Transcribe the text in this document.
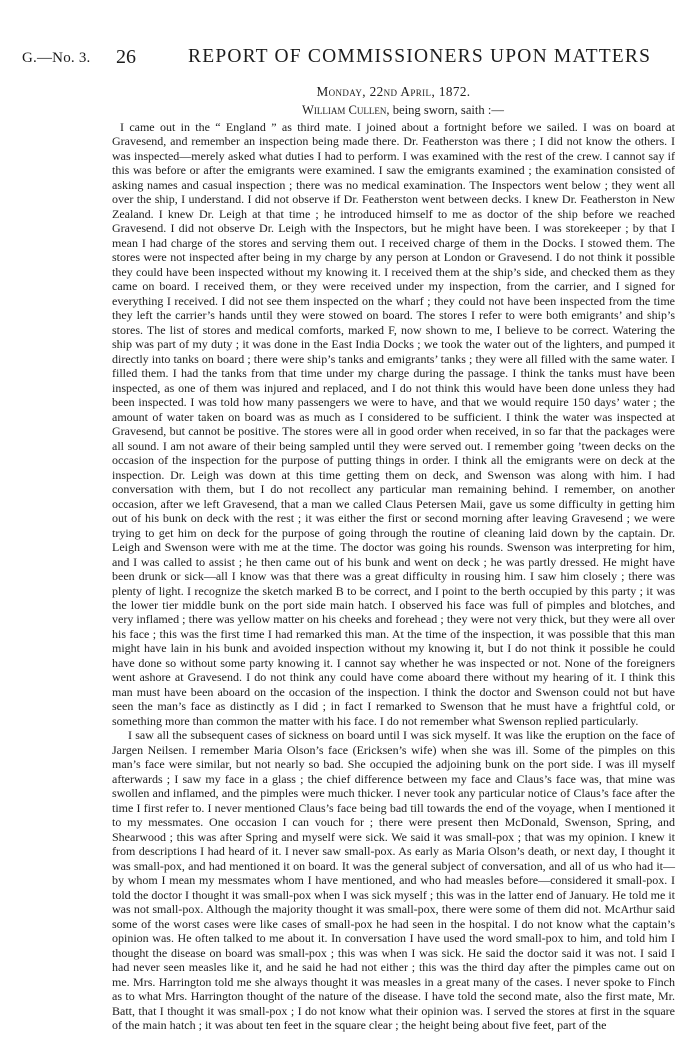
G.—No. 3. 26	REPORT OF COMMISSIONERS UPON MATTERS
Monday, 22nd April, 1872.
William Cullen, being sworn, saith :—

I came out in the “ England ” as third mate. I joined about a fortnight before we sailed. I was on board at Gravesend, and remember an inspection being made there. Dr. Featherston was there ; I did not know the others. I was inspected—merely asked what duties I had to perform. I was examined with the rest of the crew. I cannot say if this was before or after the emigrants were examined. I saw the emigrants examined ; the examination consisted of asking names and casual inspection ; there was no medical examination. The Inspectors went below ; they went all over the ship, I understand. I did not observe if Dr. Featherston went between decks. I knew Dr. Featherston in New Zealand. I knew Dr. Leigh at that time ; he introduced himself to me as doctor of the ship before we reached Gravesend. I did not observe Dr. Leigh with the Inspectors, but he might have been. I was storekeeper ; by that I mean I had charge of the stores and serving them out. I received charge of them in the Docks. I stowed them. The stores were not inspected after being in my charge by any person at London or Gravesend. I do not think it possible they could have been inspected without my knowing it. I received them at the ship’s side, and checked them as they came on board. I received them, or they were received under my inspection, from the carrier, and I signed for everything I received. I did not see them inspected on the wharf ; they could not have been inspected from the time they left the carrier’s hands until they were stowed on board. The stores I refer to were both emigrants’ and ship’s stores. The list of stores and medical comforts, marked F, now shown to me, I believe to be correct. Watering the ship was part of my duty ; it was done in the East India Docks ; we took the water out of the lighters, and pumped it directly into tanks on board ; there were ship’s tanks and emigrants’ tanks ; they were all filled with the same water. I filled them. I had the tanks from that time under my charge during the passage. I think the tanks must have been inspected, as one of them was injured and replaced, and I do not think this would have been done unless they had been inspected. I was told how many passengers we were to have, and that we would require 150 days’ water ; the amount of water taken on board was as much as I considered to be sufficient. I think the water was inspected at Gravesend, but cannot be positive. The stores were all in good order when received, in so far that the packages were all sound. I am not aware of their being sampled until they were served out. I remember going ’tween decks on the occasion of the inspection for the purpose of putting things in order. I think all the emigrants were on deck at the inspection. Dr. Leigh was down at this time getting them on deck, and Swenson was along with him. I had conversation with them, but I do not recollect any particular man remaining behind. I remember, on another occasion, after we left Gravesend, that a man we called Claus Petersen Maii, gave us some difficulty in getting him out of his bunk on deck with the rest ; it was either the first or second morning after leaving Gravesend ; we were trying to get him on deck for the purpose of going through the routine of cleaning laid down by the captain. Dr. Leigh and Swenson were with me at the time. The doctor was going his rounds. Swenson was interpreting for him, and I was called to assist ; he then came out of his bunk and went on deck ; he was partly dressed. He might have been drunk or sick—all I know was that there was a great difficulty in rousing him. I saw him closely ; there was plenty of light. I recognize the sketch marked B to be correct, and I point to the berth occupied by this party ; it was the lower tier middle bunk on the port side main hatch. I observed his face was full of pimples and blotches, and very inflamed ; there was yellow matter on his cheeks and forehead ; they were not very thick, but they were all over his face ; this was the first time I had remarked this man. At the time of the inspection, it was possible that this man might have lain in his bunk and avoided inspection without my knowing it, but I do not think it possible he could have done so without some party knowing it. I cannot say whether he was inspected or not. None of the foreigners went ashore at Gravesend. I do not think any could have come aboard there without my hearing of it. I think this man must have been aboard on the occasion of the inspection. I think the doctor and Swenson could not but have seen the man’s face as distinctly as I did ; in fact I remarked to Swenson that he must have a frightful cold, or something more than common the matter with his face. I do not remember what Swenson replied particularly.

I saw all the subsequent cases of sickness on board until I was sick myself. It was like the eruption on the face of Jargen Neilsen. I remember Maria Olson’s face (Ericksen’s wife) when she was ill. Some of the pimples on this man’s face were similar, but not nearly so bad. She occupied the adjoining bunk on the port side. I was ill myself afterwards ; I saw my face in a glass ; the chief difference between my face and Claus’s face was, that mine was swollen and inflamed, and the pimples were much thicker. I never took any particular notice of Claus’s face after the time I first refer to. I never mentioned Claus’s face being bad till towards the end of the voyage, when I mentioned it to my messmates. One occasion I can vouch for ; there were present then McDonald, Swenson, Spring, and Shearwood ; this was after Spring and myself were sick. We said it was small-pox ; that was my opinion. I knew it from descriptions I had heard of it. I never saw small-pox. As early as Maria Olson’s death, or next day, I thought it was small-pox, and had mentioned it on board. It was the general subject of conversation, and all of us who had it—by whom I mean my messmates whom I have mentioned, and who had measles before—considered it small-pox. I told the doctor I thought it was small-pox when I was sick myself ; this was in the latter end of January. He told me it was not small-pox. Although the majority thought it was small-pox, there were some of them did not. McArthur said some of the worst cases were like cases of small-pox he had seen in the hospital. I do not know what the captain’s opinion was. He often talked to me about it. In conversation I have used the word small-pox to him, and told him I thought the disease on board was small-pox ; this was when I was sick. He said the doctor said it was not. I said I had never seen measles like it, and he said he had not either ; this was the third day after the pimples came out on me. Mrs. Harrington told me she always thought it was measles in a great many of the cases. I never spoke to Finch as to what Mrs. Harrington thought of the nature of the disease. I have told the second mate, also the first mate, Mr. Batt, that I thought it was small-pox ; I do not know what their opinion was. I served the stores at first in the square of the main hatch ; it was about ten feet in the square clear ; the height being about five feet, part of the
